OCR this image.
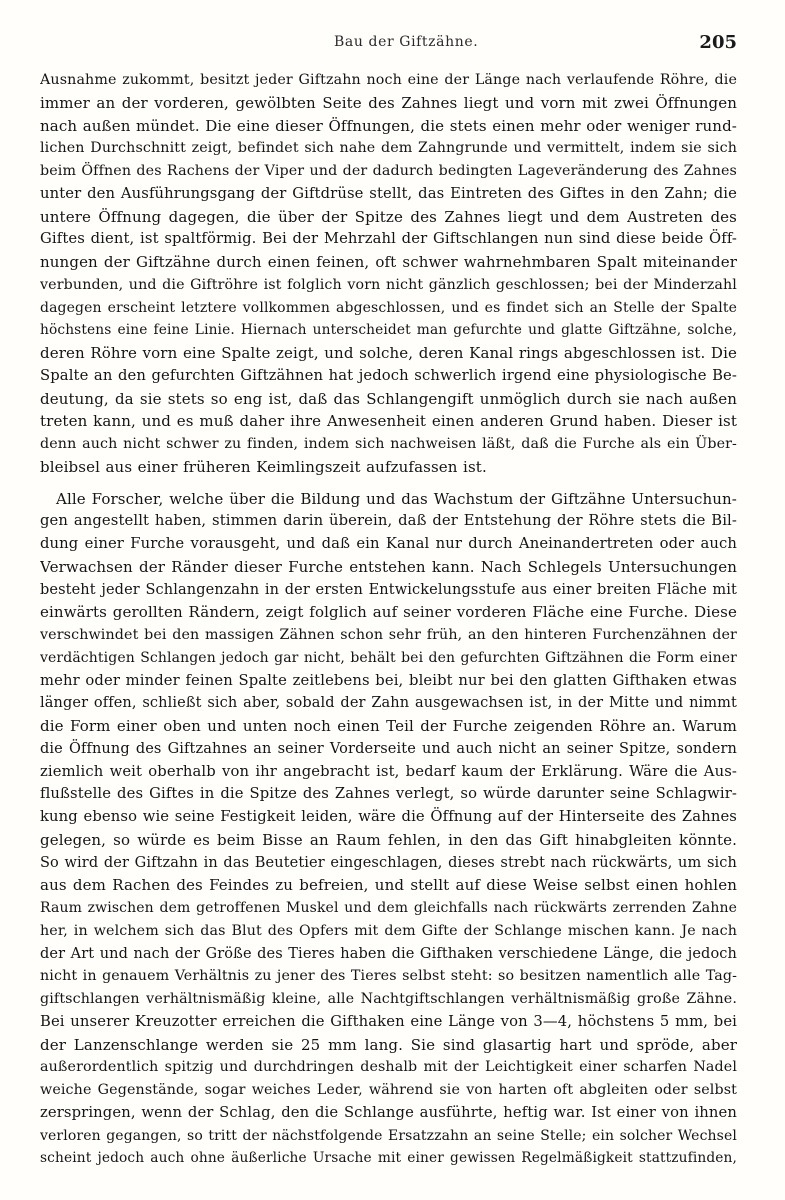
Bau der Giftzähne.	205
Ausnahme zukommt, besitzt jeder Giftzahn noch eine der Länge nach verlaufende Röhre, die
immer an der vorderen, gewölbten Seite des Zahnes liegt und vorn mit zwei Öffnungen
nach außen mündet. Die eine dieser Öffnungen, die stets einen mehr oder weniger rund-
lichen Durchschnitt zeigt, befindet sich nahe dem Zahngrunde und vermittelt, indem sie sich
beim Öffnen des Rachens der Viper und der dadurch bedingten Lageveränderung des Zahnes
unter den Ausführungsgang der Giftdrüse stellt, das Eintreten des Giftes in den Zahn; die
untere Öffnung dagegen, die über der Spitze des Zahnes liegt und dem Austreten des
Giftes dient, ist spaltförmig. Bei der Mehrzahl der Giftschlangen nun sind diese beide Öff-
nungen der Giftzähne durch einen feinen, oft schwer wahrnehmbaren Spalt miteinander
verbunden, und die Giftröhre ist folglich vorn nicht gänzlich geschlossen; bei der Minderzahl
dagegen erscheint letztere vollkommen abgeschlossen, und es findet sich an Stelle der Spalte
höchstens eine feine Linie. Hiernach unterscheidet man gefurchte und glatte Giftzähne, solche,
deren Röhre vorn eine Spalte zeigt, und solche, deren Kanal rings abgeschlossen ist. Die
Spalte an den gefurchten Giftzähnen hat jedoch schwerlich irgend eine physiologische Be-
deutung, da sie stets so eng ist, daß das Schlangengift unmöglich durch sie nach außen
treten kann, und es muß daher ihre Anwesenheit einen anderen Grund haben. Dieser ist
denn auch nicht schwer zu finden, indem sich nachweisen läßt, daß die Furche als ein Über-
bleibsel aus einer früheren Keimlingszeit aufzufassen ist.
Alle Forscher, welche über die Bildung und das Wachstum der Giftzähne Untersuchun-
gen angestellt haben, stimmen darin überein, daß der Entstehung der Röhre stets die Bil-
dung einer Furche vorausgeht, und daß ein Kanal nur durch Aneinandertreten oder auch
Verwachsen der Ränder dieser Furche entstehen kann. Nach Schlegels Untersuchungen
besteht jeder Schlangenzahn in der ersten Entwickelungsstufe aus einer breiten Fläche mit
einwärts gerollten Rändern, zeigt folglich auf seiner vorderen Fläche eine Furche. Diese
verschwindet bei den massigen Zähnen schon sehr früh, an den hinteren Furchenzähnen der
verdächtigen Schlangen jedoch gar nicht, behält bei den gefurchten Giftzähnen die Form einer
mehr oder minder feinen Spalte zeitlebens bei, bleibt nur bei den glatten Gifthaken etwas
länger offen, schließt sich aber, sobald der Zahn ausgewachsen ist, in der Mitte und nimmt
die Form einer oben und unten noch einen Teil der Furche zeigenden Röhre an. Warum
die Öffnung des Giftzahnes an seiner Vorderseite und auch nicht an seiner Spitze, sondern
ziemlich weit oberhalb von ihr angebracht ist, bedarf kaum der Erklärung. Wäre die Aus-
flußstelle des Giftes in die Spitze des Zahnes verlegt, so würde darunter seine Schlagwir-
kung ebenso wie seine Festigkeit leiden, wäre die Öffnung auf der Hinterseite des Zahnes
gelegen, so würde es beim Bisse an Raum fehlen, in den das Gift hinabgleiten könnte.
So wird der Giftzahn in das Beutetier eingeschlagen, dieses strebt nach rückwärts, um sich
aus dem Rachen des Feindes zu befreien, und stellt auf diese Weise selbst einen hohlen
Raum zwischen dem getroffenen Muskel und dem gleichfalls nach rückwärts zerrenden Zahne
her, in welchem sich das Blut des Opfers mit dem Gifte der Schlange mischen kann. Je nach
der Art und nach der Größe des Tieres haben die Gifthaken verschiedene Länge, die jedoch
nicht in genauem Verhältnis zu jener des Tieres selbst steht: so besitzen namentlich alle Tag-
giftschlangen verhältnismäßig kleine, alle Nachtgiftschlangen verhältnismäßig große Zähne.
Bei unserer Kreuzotter erreichen die Gifthaken eine Länge von 3—4, höchstens 5 mm, bei
der Lanzenschlange werden sie 25 mm lang. Sie sind glasartig hart und spröde, aber
außerordentlich spitzig und durchdringen deshalb mit der Leichtigkeit einer scharfen Nadel
weiche Gegenstände, sogar weiches Leder, während sie von harten oft abgleiten oder selbst
zerspringen, wenn der Schlag, den die Schlange ausführte, heftig war. Ist einer von ihnen
verloren gegangen, so tritt der nächstfolgende Ersatzzahn an seine Stelle; ein solcher Wechsel
scheint jedoch auch ohne äußerliche Ursache mit einer gewissen Regelmäßigkeit stattzufinden,
